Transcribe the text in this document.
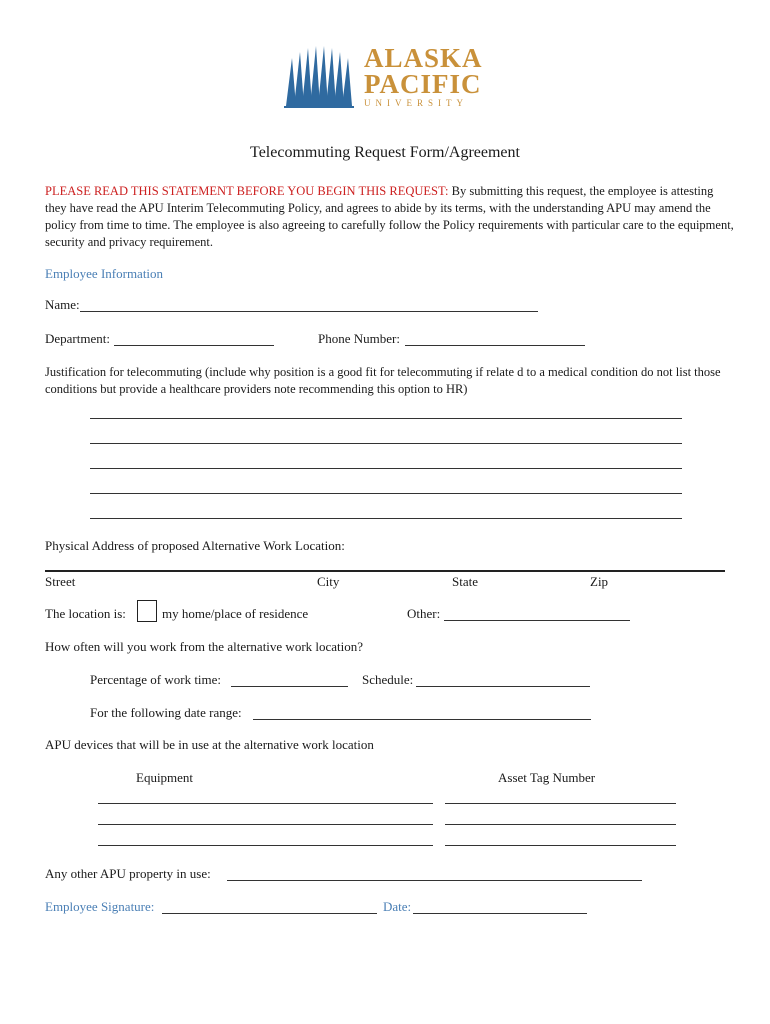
ALASKA
PACIFIC
UNIVERSITY
Telecommuting Request Form/Agreement
PLEASE READ THIS STATEMENT BEFORE YOU BEGIN THIS REQUEST: By submitting this request, the employee is attesting they have read the APU Interim Telecommuting Policy, and agrees to abide by its terms, with the understanding APU may amend the policy from time to time. The employee is also agreeing to carefully follow the Policy requirements with particular care to the equipment, security and privacy requirement.
Employee Information
Name:
Department:	Phone Number:
Justification for telecommuting (include why position is a good fit for telecommuting if relate d to a medical condition do not list those conditions but provide a healthcare providers note recommending this option to HR)
Physical Address of proposed Alternative Work Location:
Street	City	State	Zip
The location is:	my home/place of residence	Other:
How often will you work from the alternative work location?
Percentage of work time:	Schedule:
For the following date range:
APU devices that will be in use at the alternative work location
Equipment	Asset Tag Number
Any other APU property in use:
Employee Signature:	Date:
